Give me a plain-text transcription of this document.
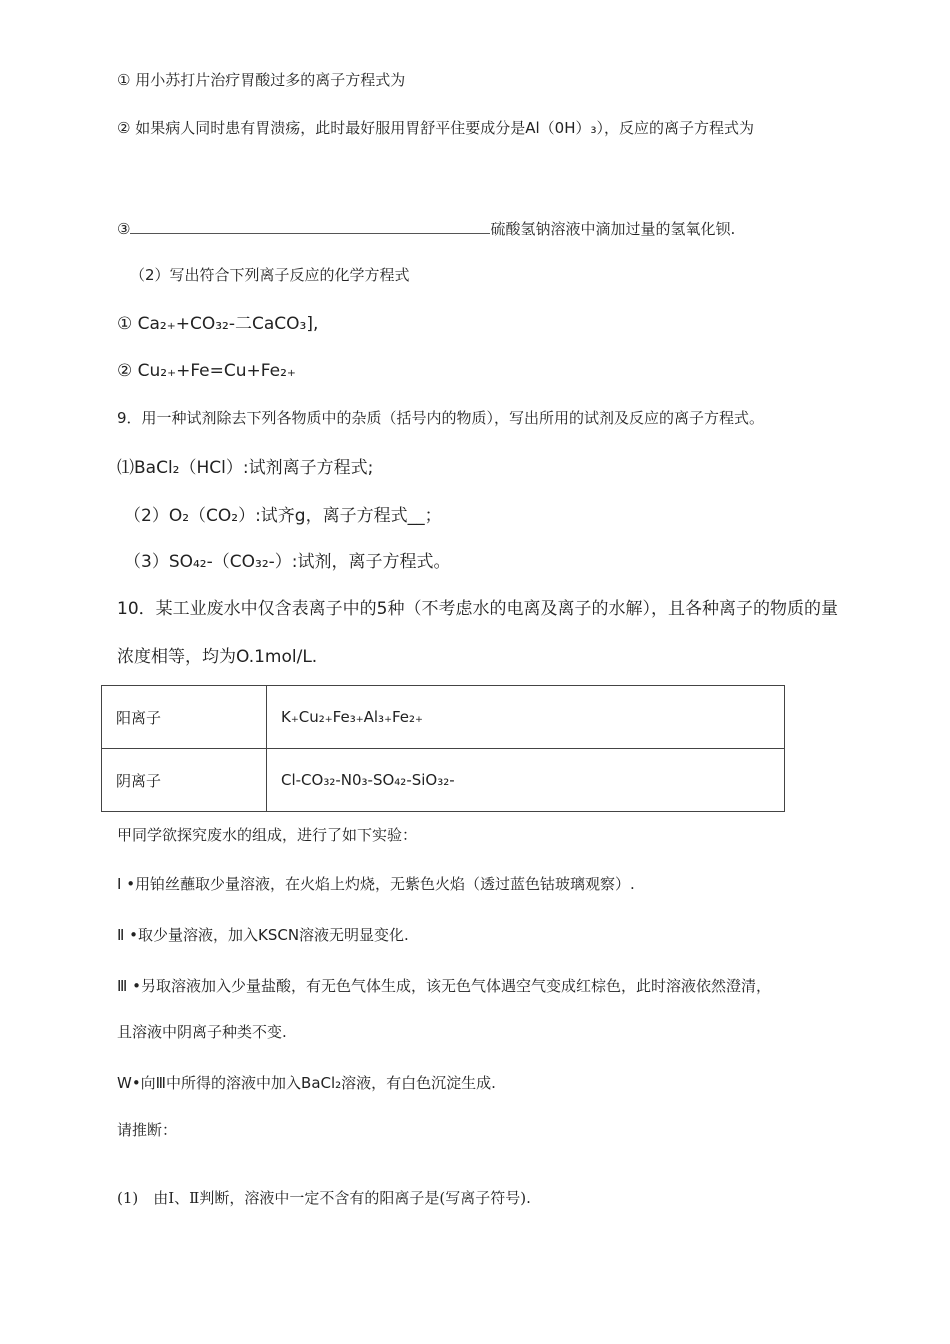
① 用小苏打片治疗胃酸过多的离子方程式为
② 如果病人同时患有胃溃疡，此时最好服用胃舒平住要成分是Al（0H）₃），反应的离子方程式为
③	硫酸氢钠溶液中滴加过量的氢氧化钡.
（2）写出符合下列离子反应的化学方程式
① Ca₂₊+CO₃₂-二CaCO₃],
② Cu₂₊+Fe=Cu+Fe₂₊
9．用一种试剂除去下列各物质中的杂质（括号内的物质），写出所用的试剂及反应的离子方程式。
⑴BaCl₂（HCl）:试剂离子方程式;
（2）O₂（CO₂）:试齐g，离子方程式__；
（3）SO₄₂-（CO₃₂-）:试剂，离子方程式。
10．某工业废水中仅含表离子中的5种（不考虑水的电离及离子的水解），且各种离子的物质的量
浓度相等，均为O.1mol/L.
阳离子	K₊Cu₂₊Fe₃₊Al₃₊Fe₂₊
阴离子	Cl-CO₃₂-N0₃-SO₄₂-SiO₃₂-
甲同学欲探究废水的组成，进行了如下实验：
Ⅰ •用铂丝蘸取少量溶液，在火焰上灼烧，无紫色火焰（透过蓝色钴玻璃观察）.
Ⅱ •取少量溶液，加入KSCN溶液无明显变化.
Ⅲ •另取溶液加入少量盐酸，有无色气体生成，该无色气体遇空气变成红棕色，此时溶液依然澄清，
且溶液中阴离子种类不变.
W•向Ⅲ中所得的溶液中加入BaCl₂溶液，有白色沉淀生成.
请推断：
(1)　由Ⅰ、Ⅱ判断，溶液中一定不含有的阳离子是(写离子符号).
